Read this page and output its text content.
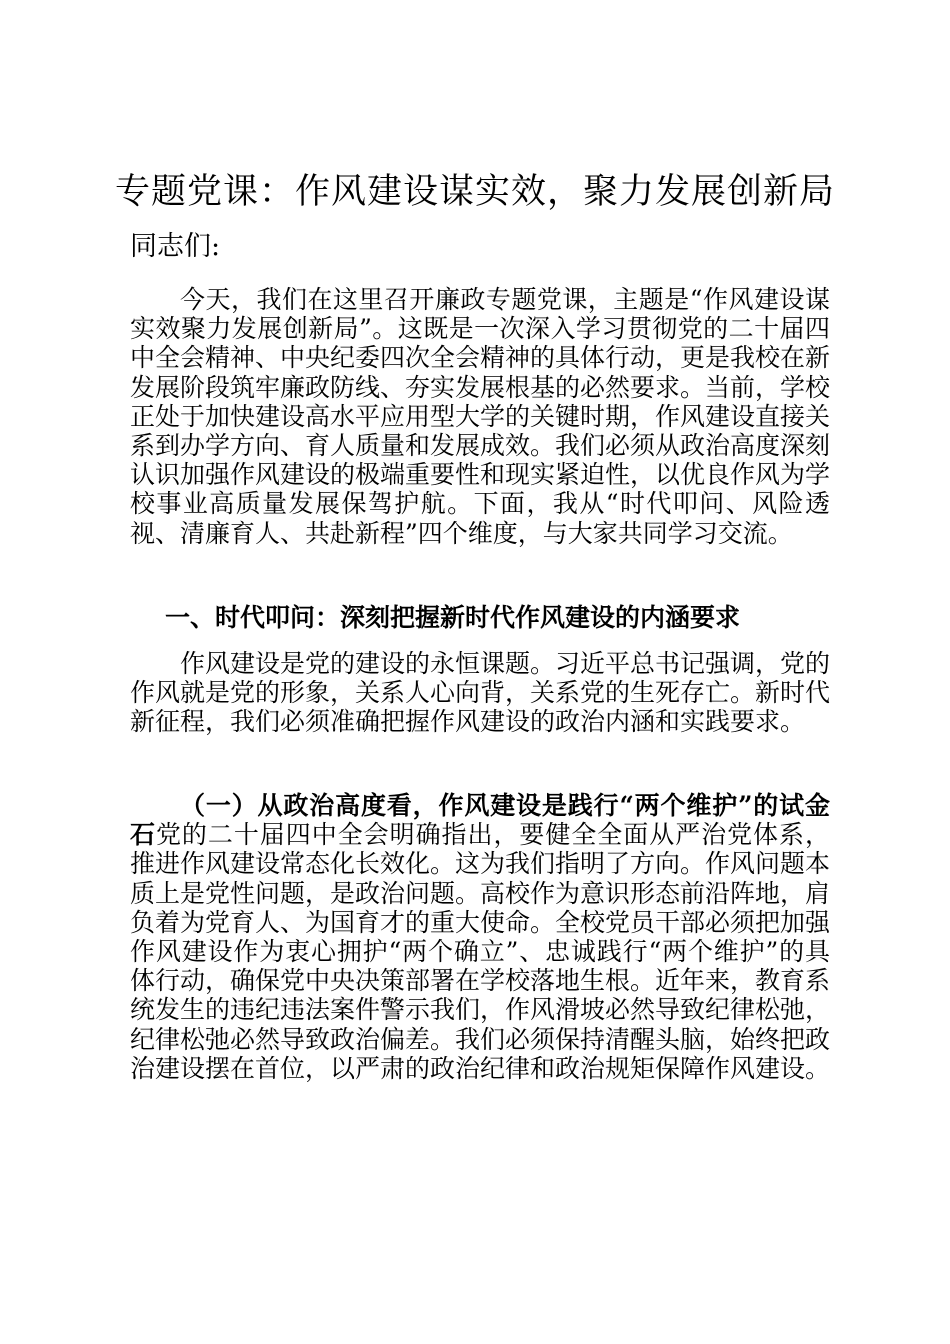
专题党课：作风建设谋实效，聚力发展创新局

同志们:

今天，我们在这里召开廉政专题党课，主题是“作风建设谋实效聚力发展创新局”。这既是一次深入学习贯彻党的二十届四中全会精神、中央纪委四次全会精神的具体行动，更是我校在新发展阶段筑牢廉政防线、夯实发展根基的必然要求。当前，学校正处于加快建设高水平应用型大学的关键时期，作风建设直接关系到办学方向、育人质量和发展成效。我们必须从政治高度深刻认识加强作风建设的极端重要性和现实紧迫性，以优良作风为学校事业高质量发展保驾护航。下面，我从“时代叩问、风险透视、清廉育人、共赴新程”四个维度，与大家共同学习交流。

一、时代叩问：深刻把握新时代作风建设的内涵要求

作风建设是党的建设的永恒课题。习近平总书记强调，党的作风就是党的形象，关系人心向背，关系党的生死存亡。新时代新征程，我们必须准确把握作风建设的政治内涵和实践要求。

（一）从政治高度看，作风建设是践行“两个维护”的试金石党的二十届四中全会明确指出，要健全全面从严治党体系，推进作风建设常态化长效化。这为我们指明了方向。作风问题本质上是党性问题，是政治问题。高校作为意识形态前沿阵地，肩负着为党育人、为国育才的重大使命。全校党员干部必须把加强作风建设作为衷心拥护“两个确立”、忠诚践行“两个维护”的具体行动，确保党中央决策部署在学校落地生根。近年来，教育系统发生的违纪违法案件警示我们，作风滑坡必然导致纪律松弛，纪律松弛必然导致政治偏差。我们必须保持清醒头脑，始终把政治建设摆在首位，以严肃的政治纪律和政治规矩保障作风建设。
